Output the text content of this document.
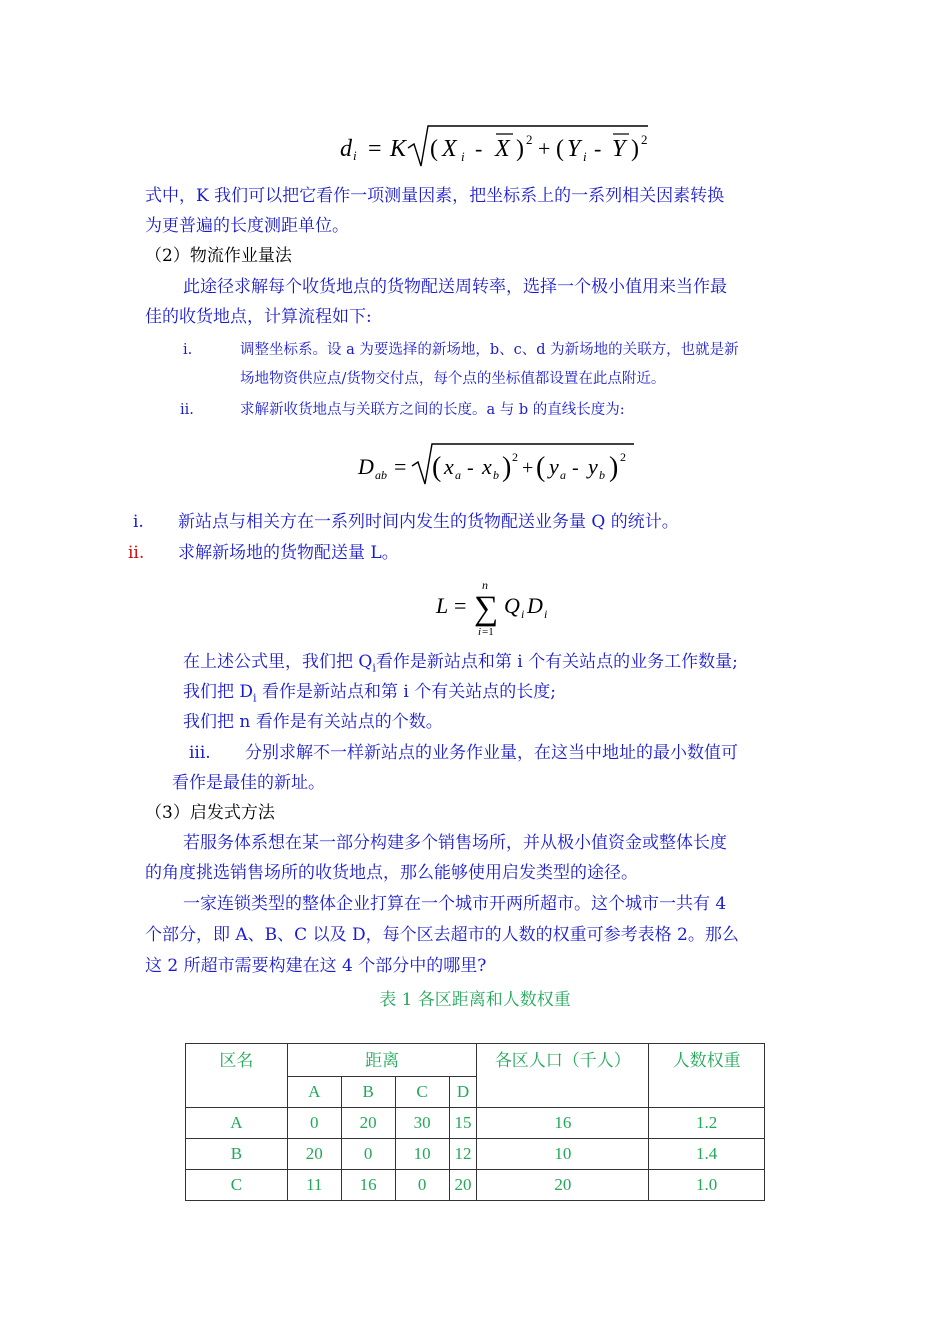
d i = K ( X i - X ) 2 + ( Y i - Y ) 2
式中，K 我们可以把它看作一项测量因素，把坐标系上的一系列相关因素转换
为更普遍的长度测距单位。
（2）物流作业量法
此途径求解每个收货地点的货物配送周转率，选择一个极小值用来当作最
佳的收货地点，计算流程如下:
i.	调整坐标系。设 a 为要选择的新场地，b、c、d 为新场地的关联方，也就是新
场地物资供应点/货物交付点，每个点的坐标值都设置在此点附近。
ii.	求解新收货地点与关联方之间的长度。a 与 b 的直线长度为:
D ab = ( x a - x b ) 2 + ( y a - y b ) 2
i. 新站点与相关方在一系列时间内发生的货物配送业务量 Q 的统计。
ii. 求解新场地的货物配送量 L。
L =
n
∑
i =1
Q i D i
在上述公式里，我们把 $Q_i$看作是新站点和第 i 个有关站点的业务工作数量;
我们把 $D_i$ 看作是新站点和第 i 个有关站点的长度;
我们把 n 看作是有关站点的个数。
iii. 分别求解不一样新站点的业务作业量，在这当中地址的最小数值可
看作是最佳的新址。
（3）启发式方法
若服务体系想在某一部分构建多个销售场所，并从极小值资金或整体长度
的角度挑选销售场所的收货地点，那么能够使用启发类型的途径。
一家连锁类型的整体企业打算在一个城市开两所超市。这个城市一共有 4
个部分，即 A、B、C 以及 D，每个区去超市的人数的权重可参考表格 2。那么
这 2 所超市需要构建在这 4 个部分中的哪里?
表 1 各区距离和人数权重
区名	距离				各区人口（千人）	人数权重
	A	B	C	D		
A	0	20	30	15	16	1.2
B	20	0	10	12	10	1.4
C	11	16	0	20	20	1.0
